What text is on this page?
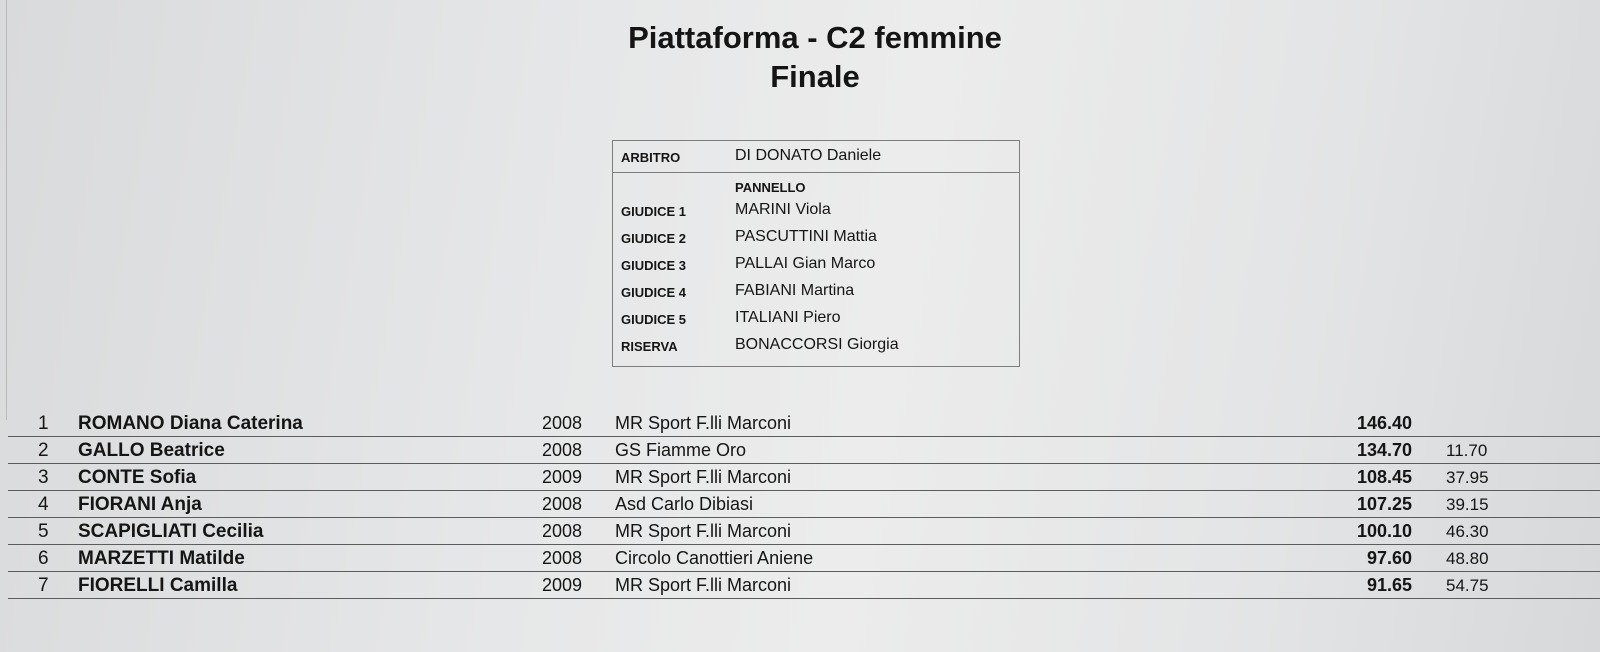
Piattaforma - C2 femmine
Finale
ARBITRO	DI DONATO Daniele
PANNELLO
GIUDICE 1	MARINI Viola
GIUDICE 2	PASCUTTINI Mattia
GIUDICE 3	PALLAI Gian Marco
GIUDICE 4	FABIANI Martina
GIUDICE 5	ITALIANI Piero
RISERVA	BONACCORSI Giorgia
1 ROMANO Diana Caterina	2008 MR Sport F.lli Marconi	146.40
2 GALLO Beatrice	2008 GS Fiamme Oro	134.70 11.70
3 CONTE Sofia	2009 MR Sport F.lli Marconi	108.45 37.95
4 FIORANI Anja	2008 Asd Carlo Dibiasi	107.25 39.15
5 SCAPIGLIATI Cecilia	2008 MR Sport F.lli Marconi	100.10 46.30
6 MARZETTI Matilde	2008 Circolo Canottieri Aniene	97.60 48.80
7 FIORELLI Camilla	2009 MR Sport F.lli Marconi	91.65 54.75
